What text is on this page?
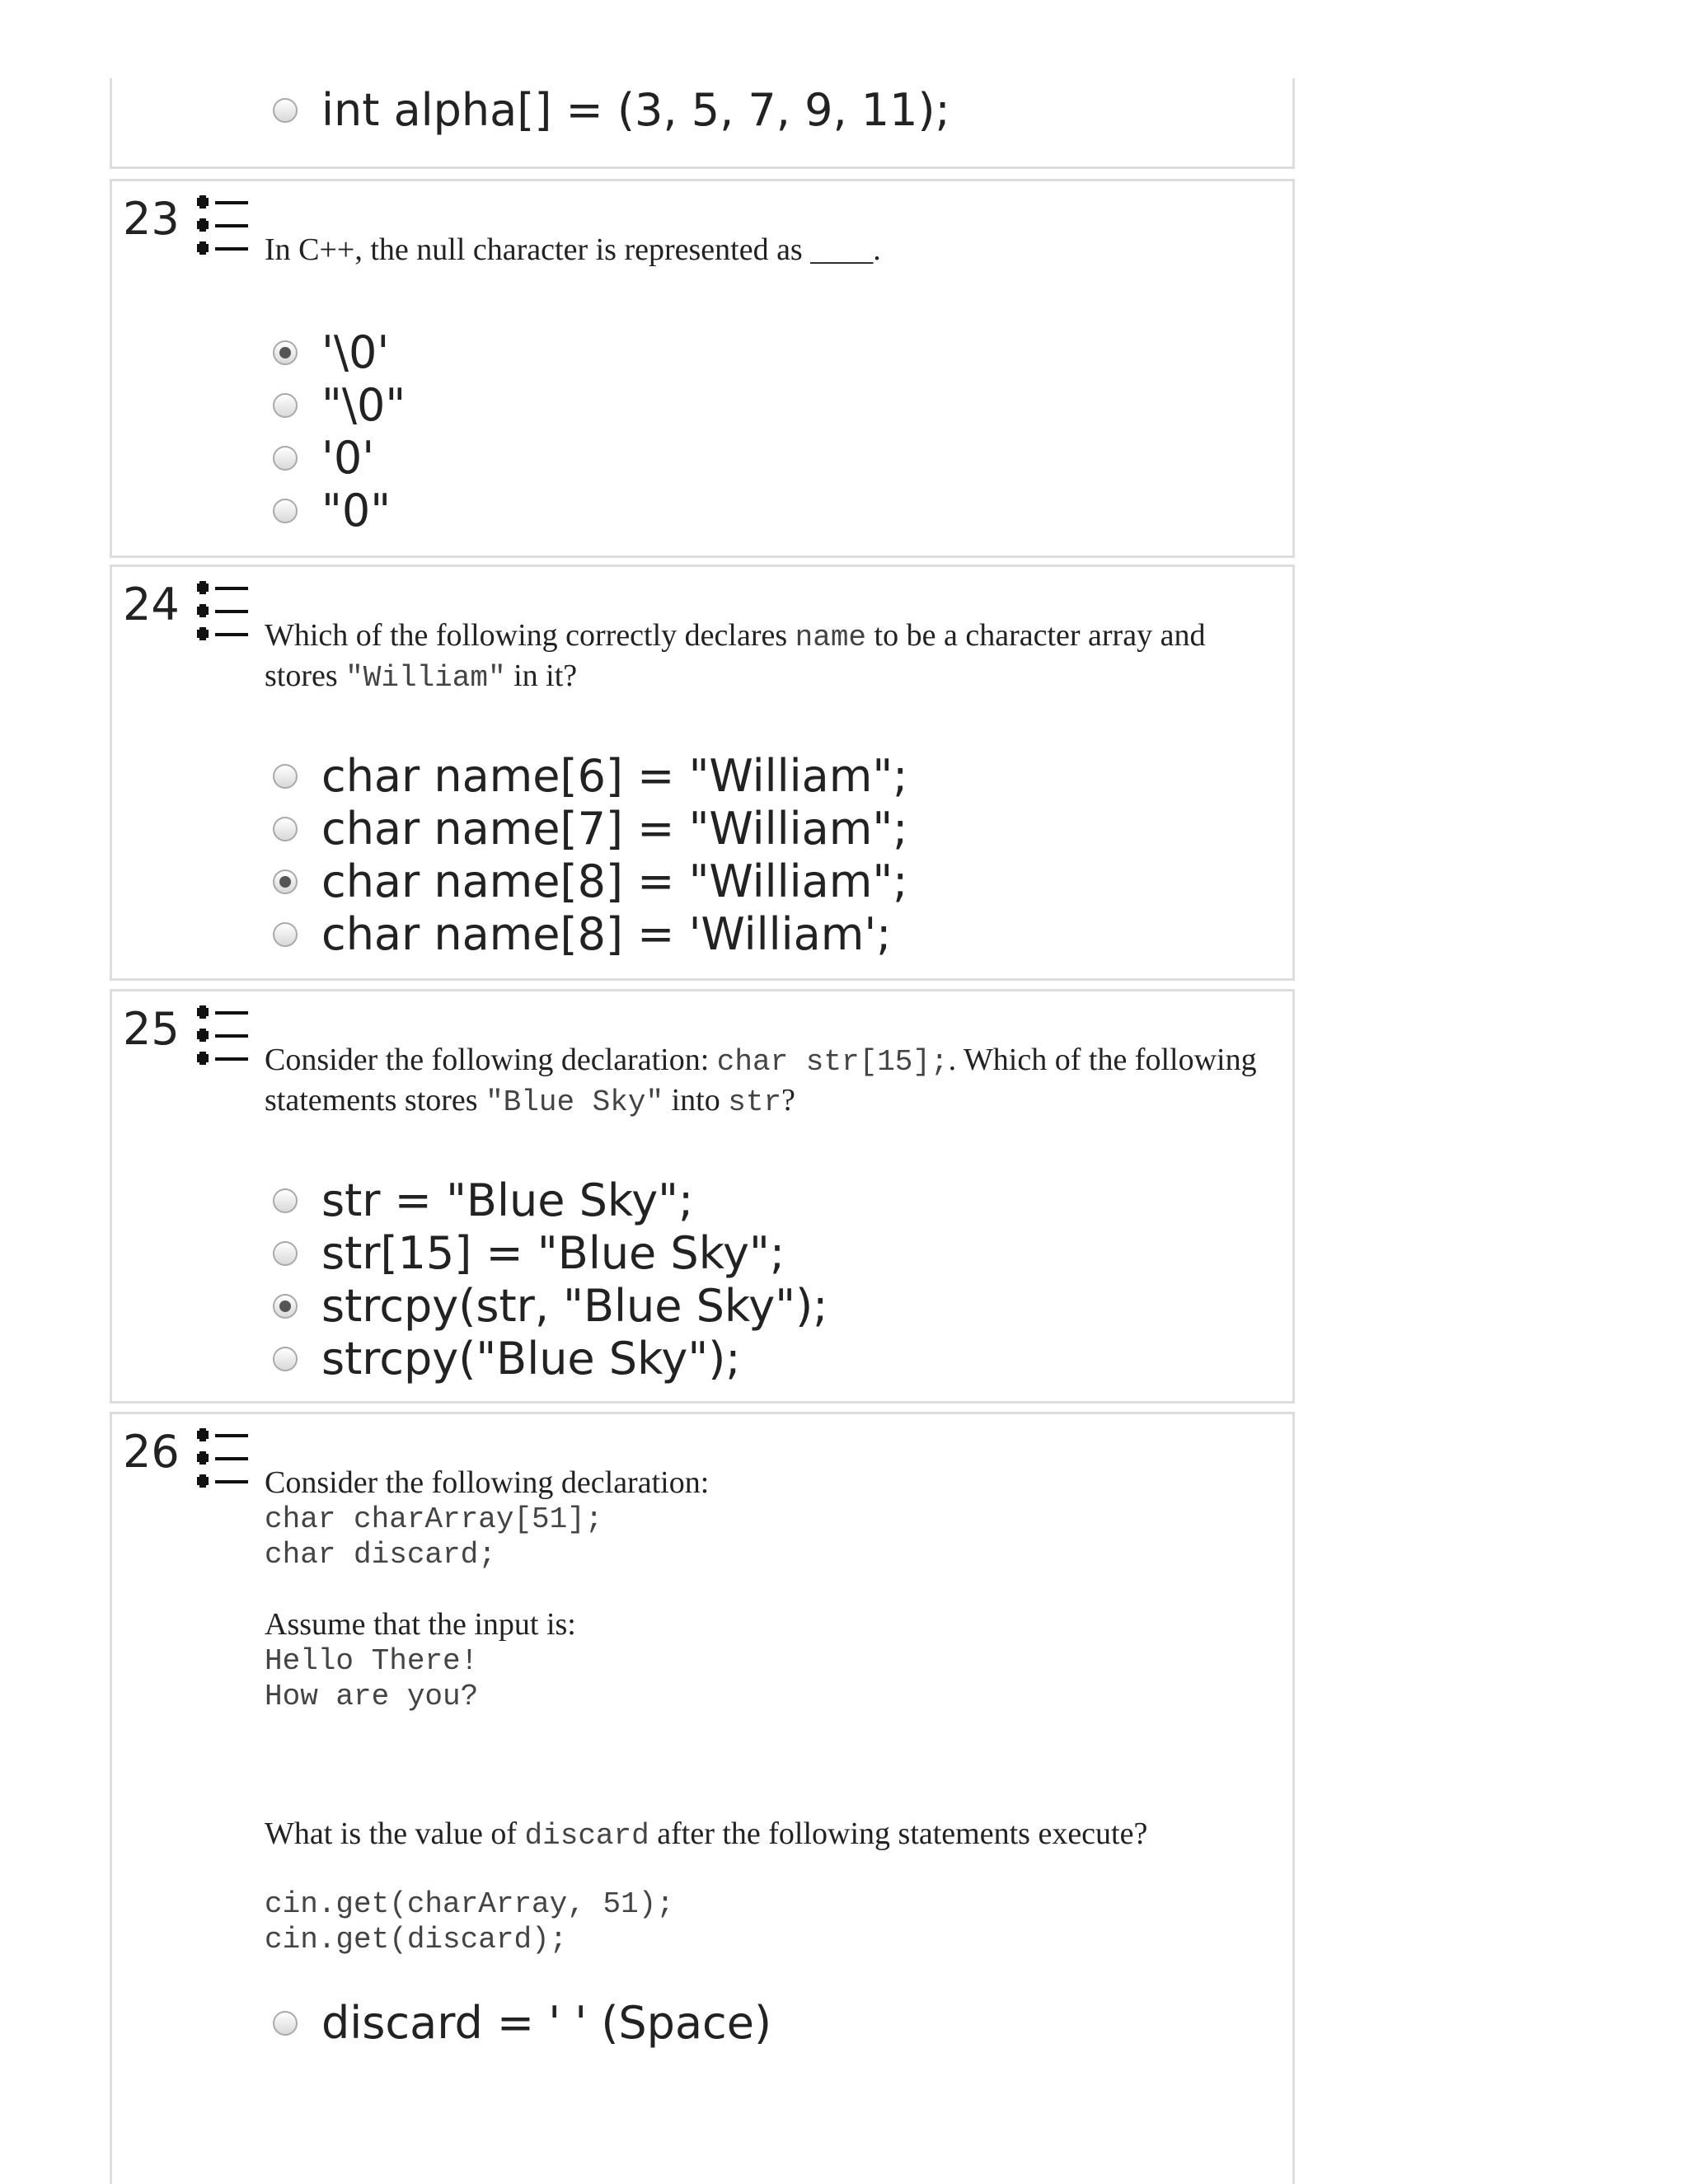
int alpha[] = (3, 5, 7, 9, 11);
23

In C++, the null character is represented as ____.

'\0'
"\0"
'0'
"0"
24

Which of the following correctly declares name to be a character array and stores "William" in it?

char name[6] = "William";
char name[7] = "William";
char name[8] = "William";
char name[8] = 'William';
25

Consider the following declaration: char str[15];. Which of the following statements stores "Blue Sky" into str?

str = "Blue Sky";
str[15] = "Blue Sky";
strcpy(str, "Blue Sky");
strcpy("Blue Sky");
26

Consider the following declaration:

char charArray[51];
char discard;

Assume that the input is:

Hello There!
How are you?

What is the value of discard after the following statements execute?

cin.get(charArray, 51);
cin.get(discard);
discard = ' ' (Space)
